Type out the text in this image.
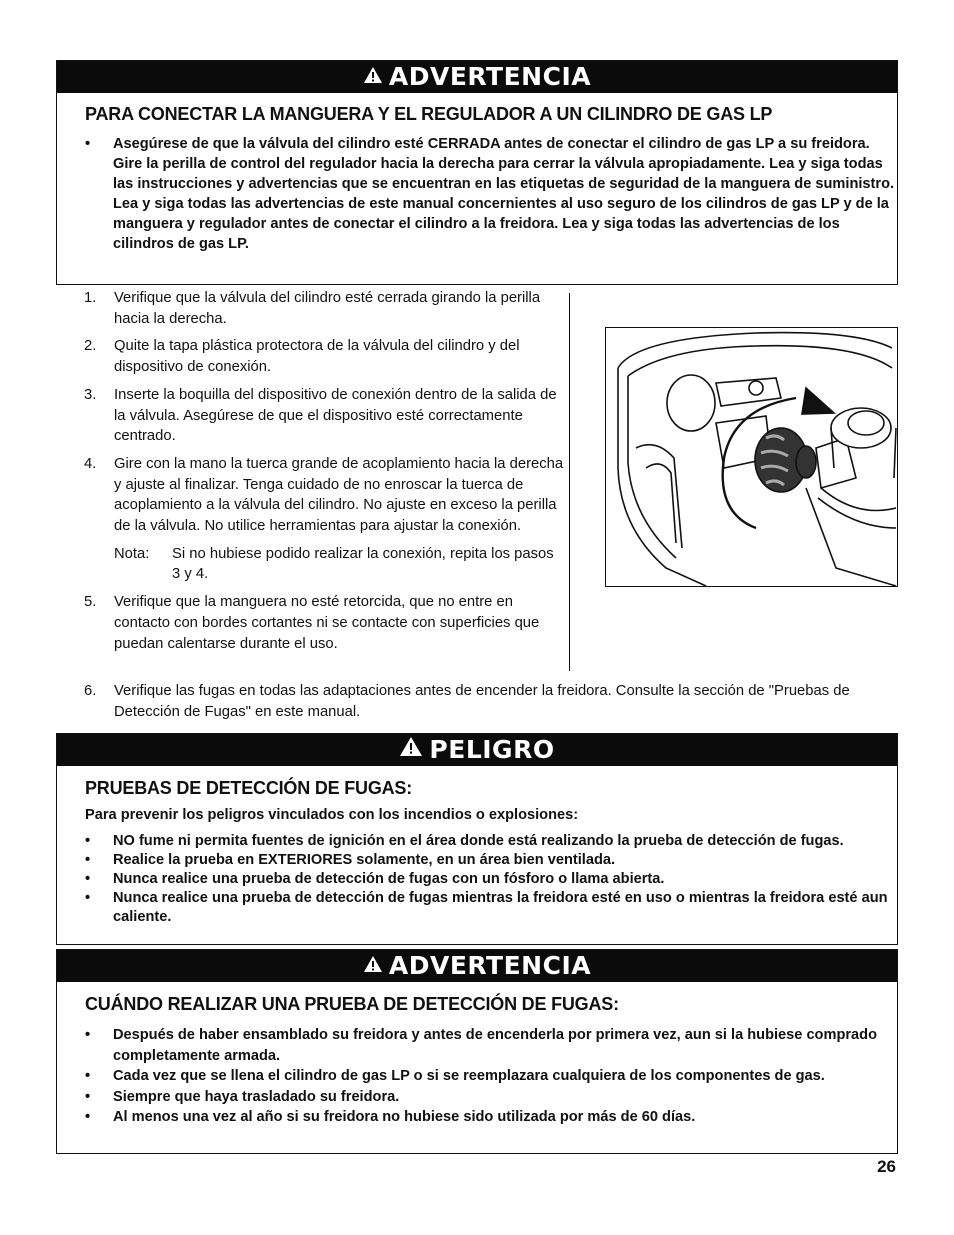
ADVERTENCIA
PARA CONECTAR LA MANGUERA Y EL REGULADOR A UN CILINDRO DE GAS LP
• Asegúrese de que la válvula del cilindro esté CERRADA antes de conectar el cilindro de gas LP a su freidora. Gire la perilla de control del regulador hacia la derecha para cerrar la válvula apropiadamente. Lea y siga todas las instrucciones y advertencias que se encuentran en las etiquetas de seguridad de la manguera de suministro. Lea y siga todas las advertencias de este manual concernientes al uso seguro de los cilindros de gas LP y de la manguera y regulador antes de conectar el cilindro a la freidora. Lea y siga todas las advertencias de los cilindros de gas LP.
1. Verifique que la válvula del cilindro esté cerrada girando la perilla hacia la derecha.
2. Quite la tapa plástica protectora de la válvula del cilindro y del dispositivo de conexión.
3. Inserte la boquilla del dispositivo de conexión dentro de la salida de la válvula. Asegúrese de que el dispositivo esté correctamente centrado.
4. Gire con la mano la tuerca grande de acoplamiento hacia la derecha y ajuste al finalizar. Tenga cuidado de no enroscar la tuerca de acoplamiento a la válvula del cilindro. No ajuste en exceso la perilla de la válvula. No utilice herramientas para ajustar la conexión.
Nota: Si no hubiese podido realizar la conexión, repita los pasos 3 y 4.
5. Verifique que la manguera no esté retorcida, que no entre en contacto con bordes cortantes ni se contacte con superficies que puedan calentarse durante el uso.
6. Verifique las fugas en todas las adaptaciones antes de encender la freidora. Consulte la sección de "Pruebas de Detección de Fugas" en este manual.
PELIGRO
PRUEBAS DE DETECCIÓN DE FUGAS:

Para prevenir los peligros vinculados con los incendios o explosiones:

• NO fume ni permita fuentes de ignición en el área donde está realizando la prueba de detección de fugas.
• Realice la prueba en EXTERIORES solamente, en un área bien ventilada.
• Nunca realice una prueba de detección de fugas con un fósforo o llama abierta.
• Nunca realice una prueba de detección de fugas mientras la freidora esté en uso o mientras la freidora esté aun caliente.
ADVERTENCIA
CUÁNDO REALIZAR UNA PRUEBA DE DETECCIÓN DE FUGAS:
• Después de haber ensamblado su freidora y antes de encenderla por primera vez, aun si la hubiese comprado completamente armada.
• Cada vez que se llena el cilindro de gas LP o si se reemplazara cualquiera de los componentes de gas.
• Siempre que haya trasladado su freidora.
• Al menos una vez al año si su freidora no hubiese sido utilizada por más de 60 días.
26
